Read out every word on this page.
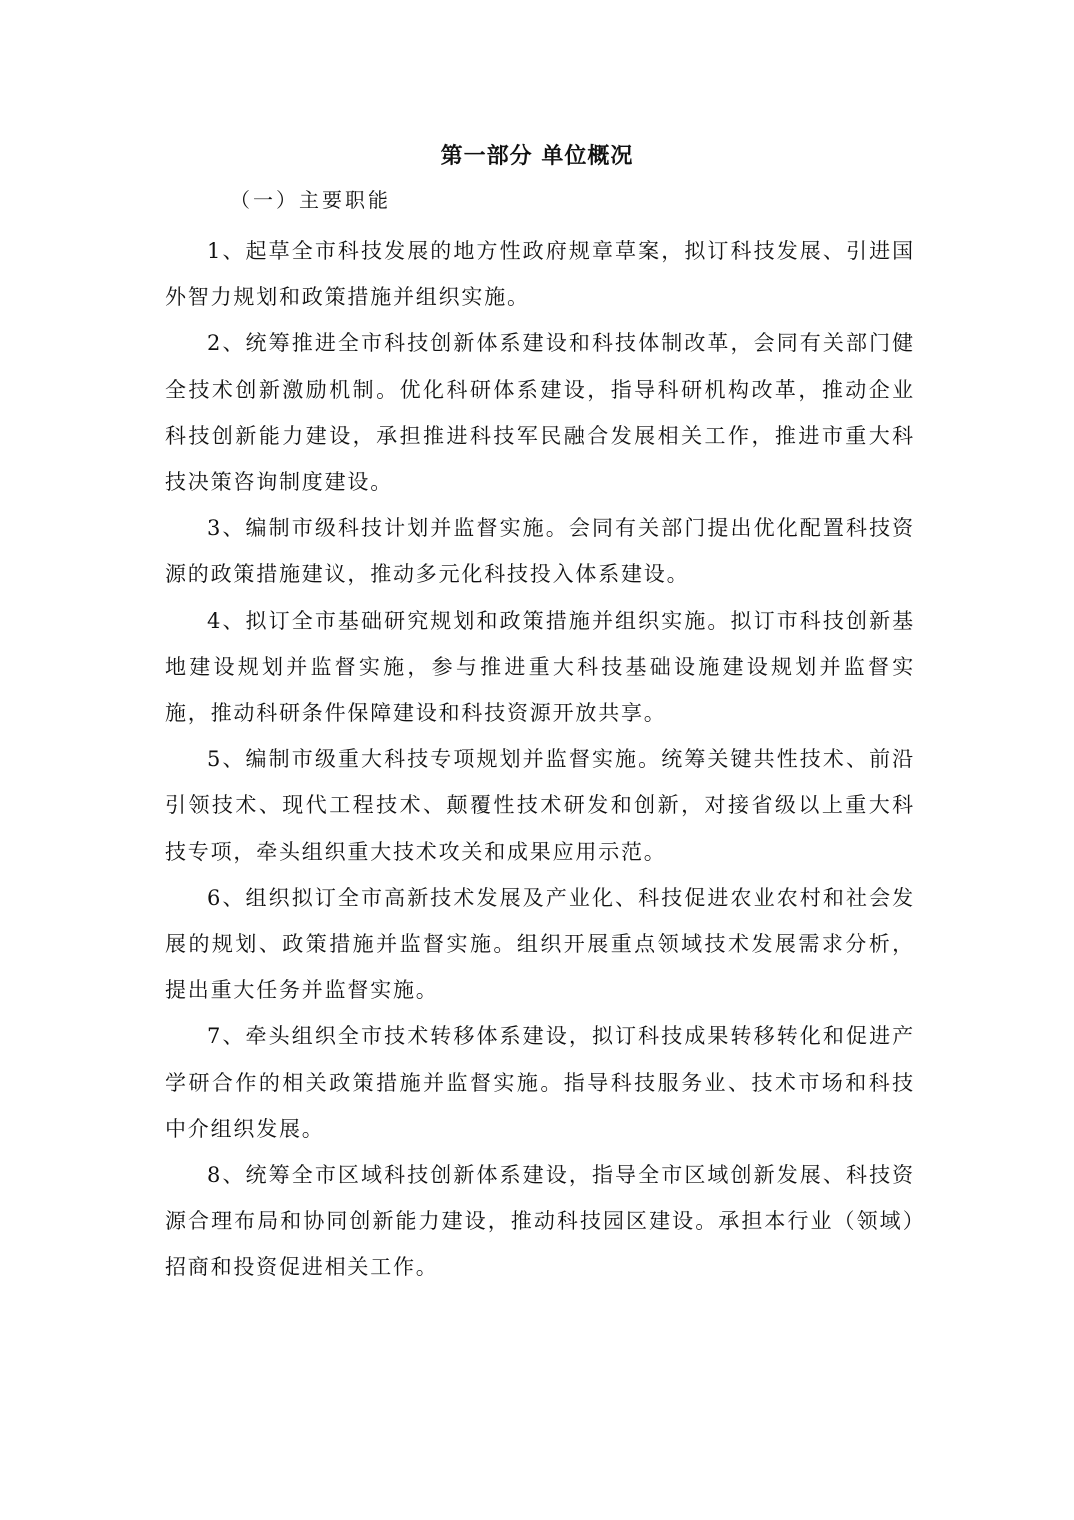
第一部分 单位概况
（一）主要职能

1、起草全市科技发展的地方性政府规章草案，拟订科技发展、引进国外智力规划和政策措施并组织实施。

2、统筹推进全市科技创新体系建设和科技体制改革，会同有关部门健全技术创新激励机制。优化科研体系建设，指导科研机构改革，推动企业科技创新能力建设，承担推进科技军民融合发展相关工作，推进市重大科技决策咨询制度建设。

3、编制市级科技计划并监督实施。会同有关部门提出优化配置科技资源的政策措施建议，推动多元化科技投入体系建设。

4、拟订全市基础研究规划和政策措施并组织实施。拟订市科技创新基地建设规划并监督实施，参与推进重大科技基础设施建设规划并监督实施，推动科研条件保障建设和科技资源开放共享。

5、编制市级重大科技专项规划并监督实施。统筹关键共性技术、前沿引领技术、现代工程技术、颠覆性技术研发和创新，对接省级以上重大科技专项，牵头组织重大技术攻关和成果应用示范。

6、组织拟订全市高新技术发展及产业化、科技促进农业农村和社会发展的规划、政策措施并监督实施。组织开展重点领域技术发展需求分析，提出重大任务并监督实施。

7、牵头组织全市技术转移体系建设，拟订科技成果转移转化和促进产学研合作的相关政策措施并监督实施。指导科技服务业、技术市场和科技中介组织发展。

8、统筹全市区域科技创新体系建设，指导全市区域创新发展、科技资源合理布局和协同创新能力建设，推动科技园区建设。承担本行业（领域）招商和投资促进相关工作。
